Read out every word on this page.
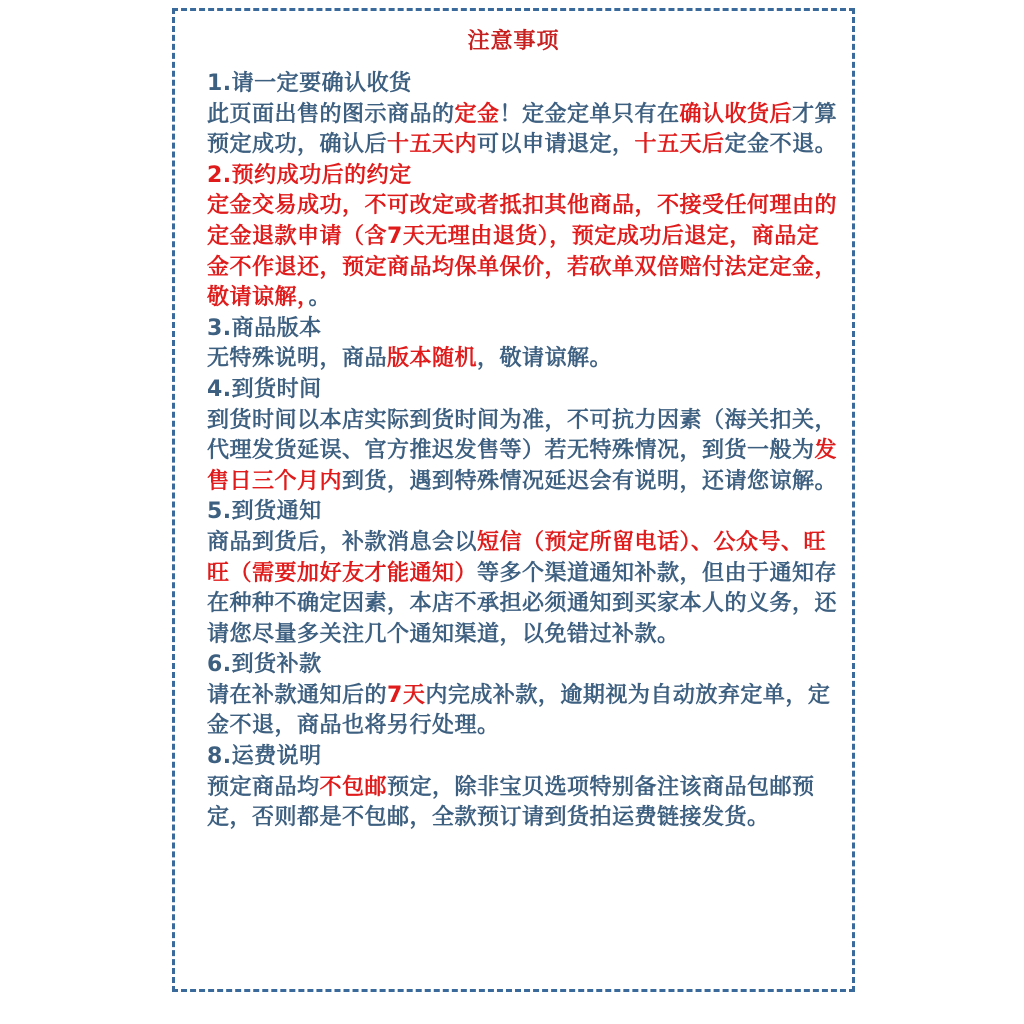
注意事项
1.请一定要确认收货

此页面出售的图示商品的定金！定金定单只有在确认收货后才算预定成功，确认后十五天内可以申请退定，十五天后定金不退。

2.预约成功后的约定

定金交易成功，不可改定或者抵扣其他商品，不接受任何理由的定金退款申请（含7天无理由退货），预定成功后退定，商品定金不作退还，预定商品均保单保价，若砍单双倍赔付法定定金，敬请谅解，。

3.商品版本

无特殊说明，商品版本随机，敬请谅解。

4.到货时间

到货时间以本店实际到货时间为准，不可抗力因素（海关扣关，代理发货延误、官方推迟发售等）若无特殊情况，到货一般为发售日三个月内到货，遇到特殊情况延迟会有说明，还请您谅解。

5.到货通知

商品到货后，补款消息会以短信（预定所留电话）、公众号、旺旺（需要加好友才能通知）等多个渠道通知补款，但由于通知存在种种不确定因素，本店不承担必须通知到买家本人的义务，还请您尽量多关注几个通知渠道，以免错过补款。

6.到货补款

请在补款通知后的7天内完成补款，逾期视为自动放弃定单，定金不退，商品也将另行处理。

8.运费说明

预定商品均不包邮预定，除非宝贝选项特别备注该商品包邮预定，否则都是不包邮，全款预订请到货拍运费链接发货。
